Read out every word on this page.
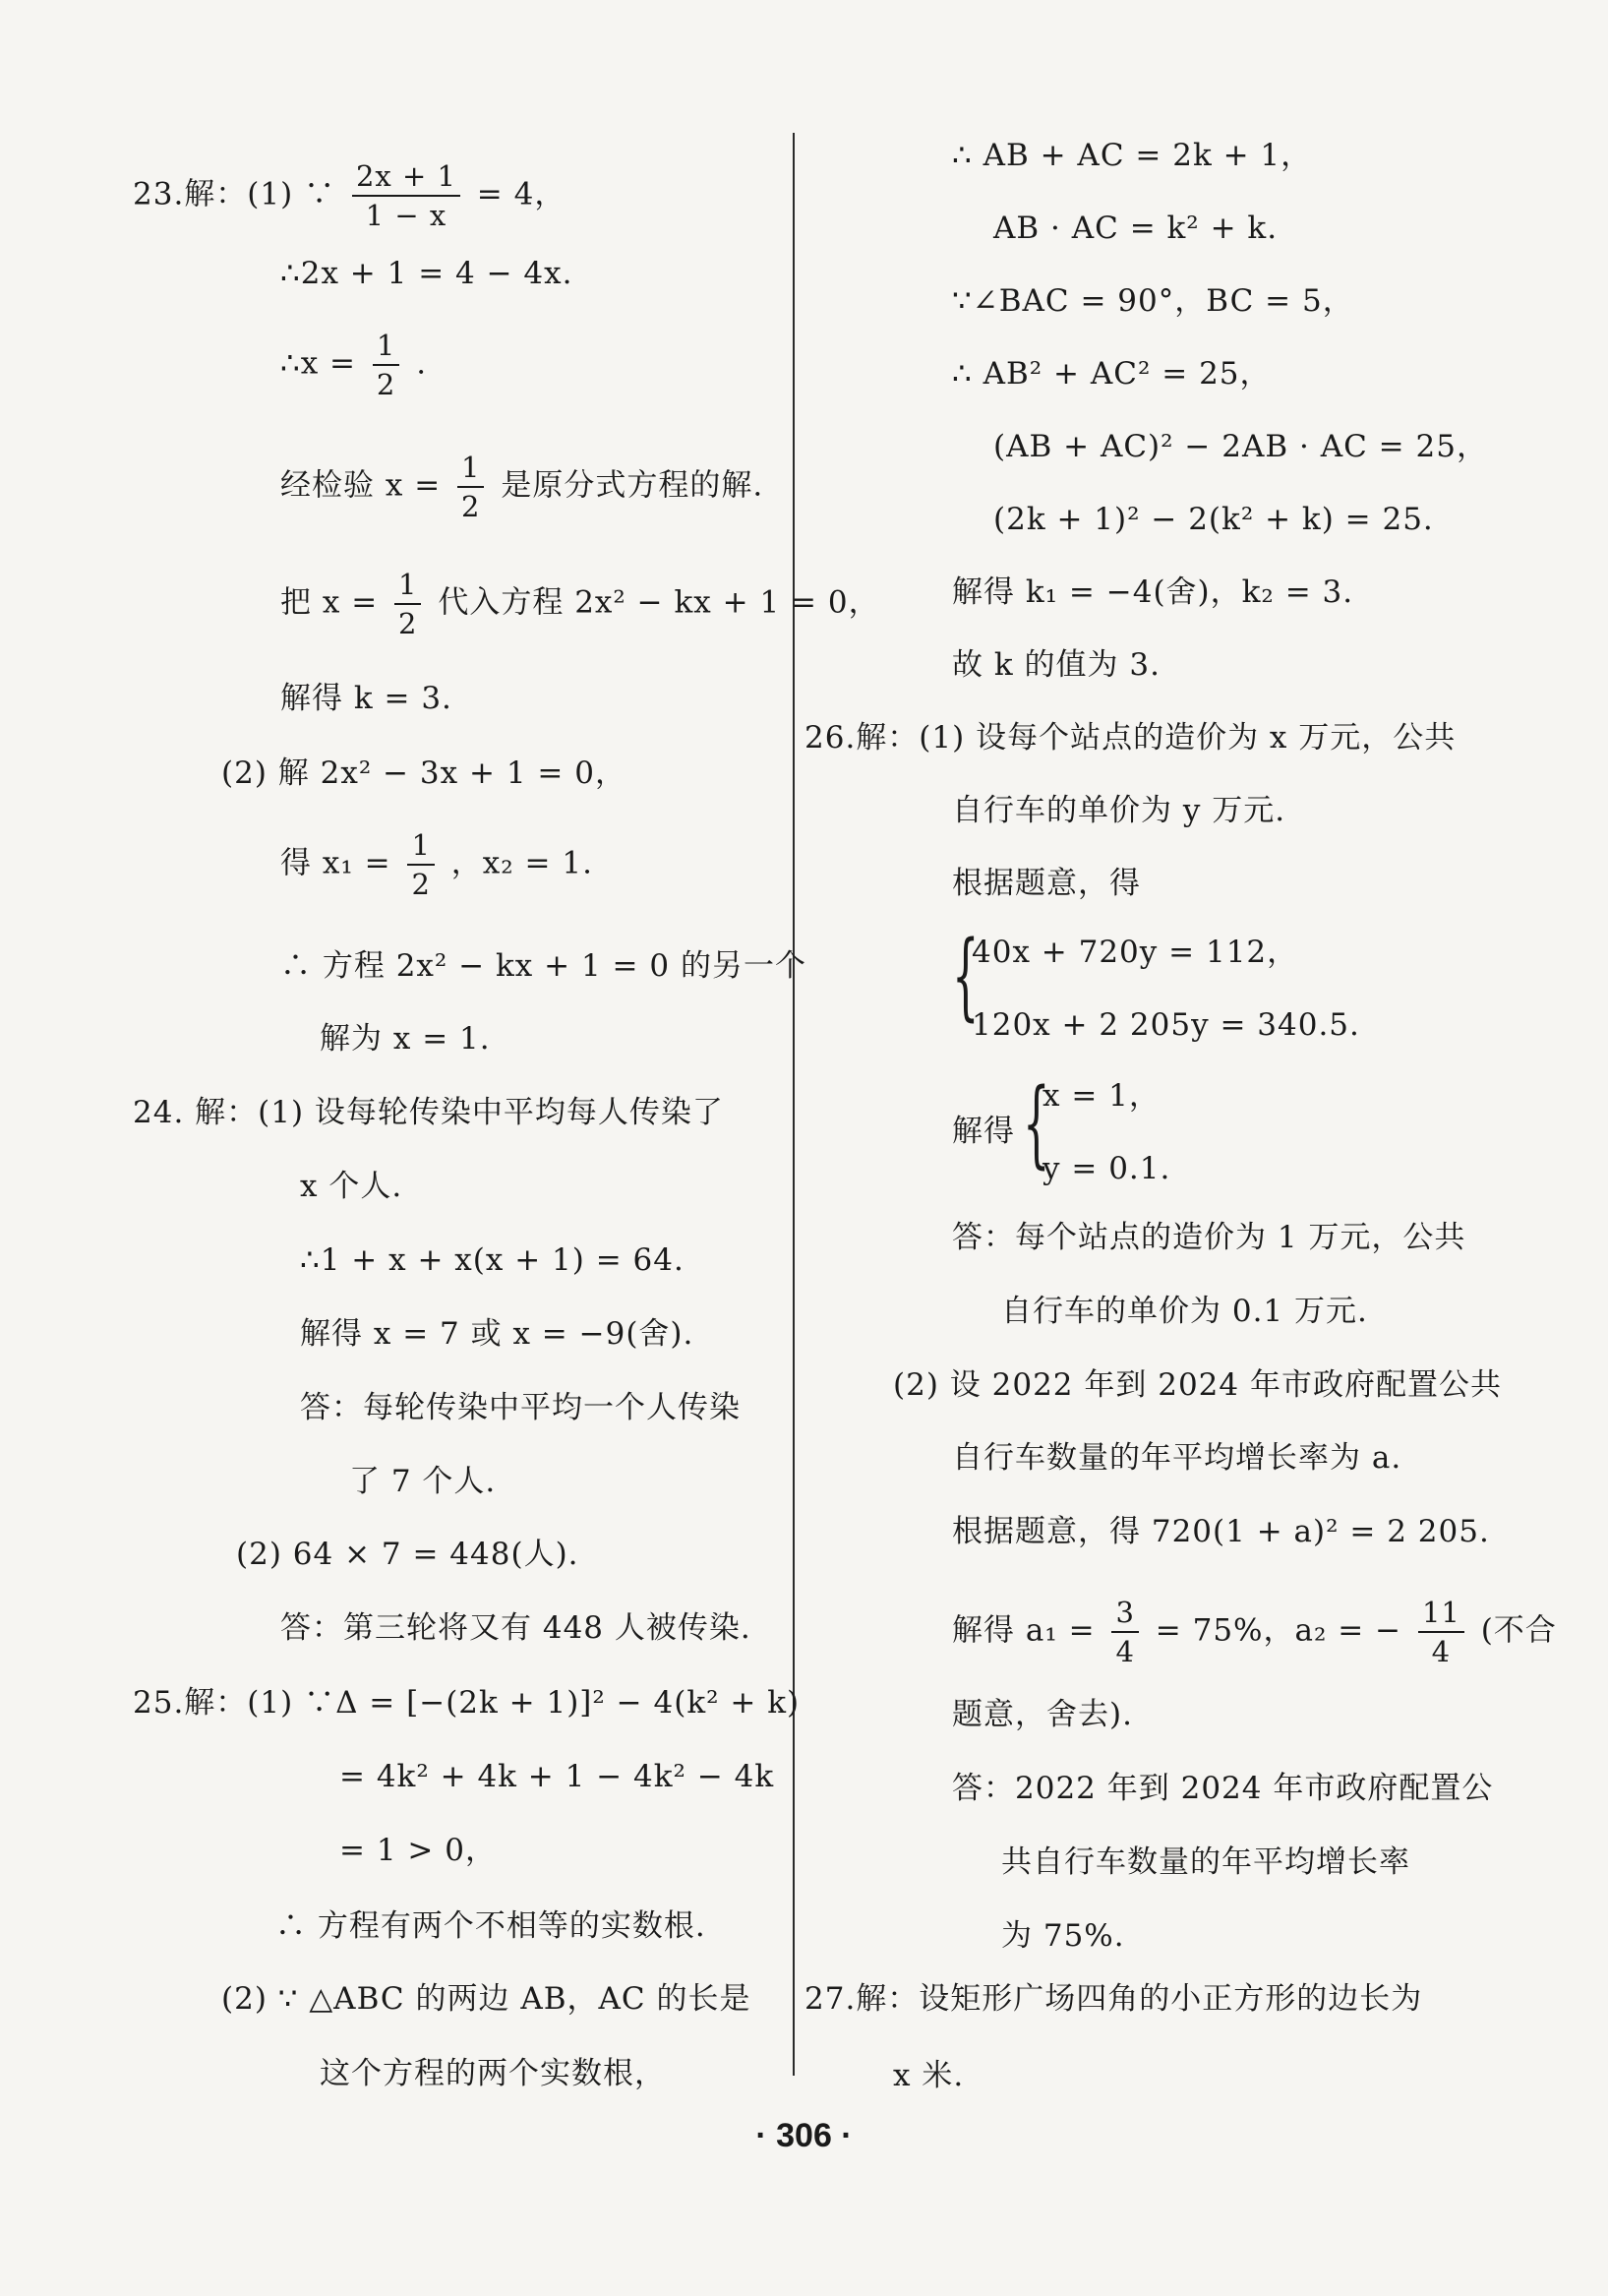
23.解：(1) ∵ $\frac{2x + 1}{1 - x} = 4$，
∴2x + 1 = 4 − 4x.
∴x = $\frac{1}{2}$ .
经检验 $x = \frac{1}{2}$ 是原分式方程的解.
把 $x = \frac{1}{2}$ 代入方程 2x² − kx + 1 = 0，
解得 k = 3.
(2) 解 2x² − 3x + 1 = 0，
得 $x_1 = \frac{1}{2}$ ，x₂ = 1.
∴ 方程 2x² − kx + 1 = 0 的另一个
解为 x = 1.
24. 解：(1) 设每轮传染中平均每人传染了
x 个人.
∴1 + x + x(x + 1) = 64.
解得 x = 7 或 x = −9(舍).
答：每轮传染中平均一个人传染
了 7 个人.
(2) 64 × 7 = 448(人).
答：第三轮将又有 448 人被传染.
25.解：(1) ∵Δ = [−(2k + 1)]² − 4(k² + k)
= 4k² + 4k + 1 − 4k² − 4k
= 1 > 0，
∴ 方程有两个不相等的实数根.
(2) ∵ △ABC 的两边 AB，AC 的长是
这个方程的两个实数根，
∴ AB + AC = 2k + 1，
AB · AC = k² + k.
∵∠BAC = 90°，BC = 5，
∴ AB² + AC² = 25，
(AB + AC)² − 2AB · AC = 25，
(2k + 1)² − 2(k² + k) = 25.
解得 k₁ = −4(舍)，k₂ = 3.
故 k 的值为 3.
26.解：(1) 设每个站点的造价为 x 万元，公共
自行车的单价为 y 万元.
根据题意，得
{
40x + 720y = 112，
120x + 2 205y = 340.5.
解得 {
x = 1，
y = 0.1.
答：每个站点的造价为 1 万元，公共
自行车的单价为 0.1 万元.
(2) 设 2022 年到 2024 年市政府配置公共
自行车数量的年平均增长率为 a.
根据题意，得 720(1 + a)² = 2 205.
解得 $a_1 = \frac{3}{4} = 75\%$，a₂ = − $\frac{11}{4}$ (不合
题意，舍去).
答：2022 年到 2024 年市政府配置公
共自行车数量的年平均增长率
为 75%.
27.解：设矩形广场四角的小正方形的边长为
x 米.
· 306 ·
